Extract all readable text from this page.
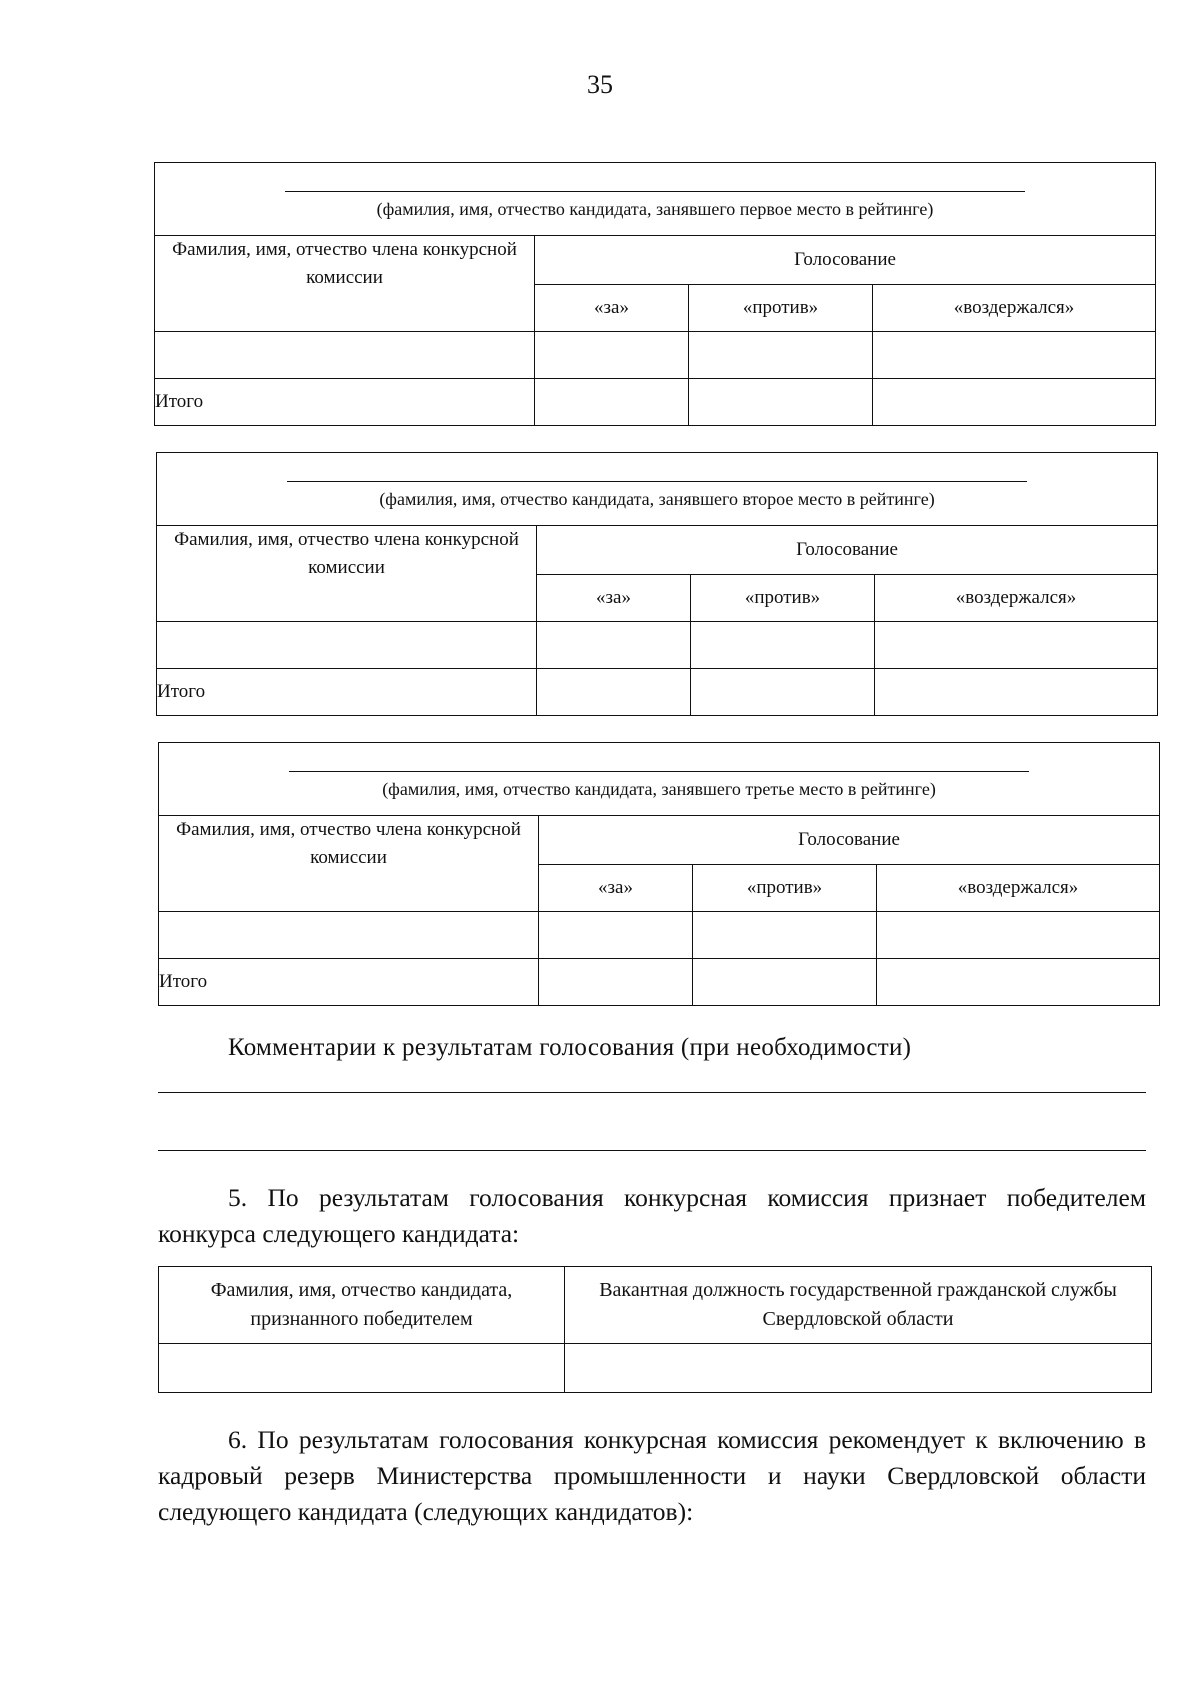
35
(фамилия, имя, отчество кандидата, занявшего первое место в рейтинге)			

Фамилия, имя, отчество члена конкурсной комиссии	Голосование		
	«за»	«против»	«воздержался»

Итого			
(фамилия, имя, отчество кандидата, занявшего второе место в рейтинге)			

Фамилия, имя, отчество члена конкурсной комиссии	Голосование		
	«за»	«против»	«воздержался»

Итого			
(фамилия, имя, отчество кандидата, занявшего третье место в рейтинге)			

Фамилия, имя, отчество члена конкурсной комиссии	Голосование		
	«за»	«против»	«воздержался»

Итого			
Комментарии к результатам голосования (при необходимости)
5. По результатам голосования конкурсная комиссия признает победителем конкурса следующего кандидата:
Фамилия, имя, отчество кандидата, признанного победителем	Вакантная должность государственной гражданской службы Свердловской области

6. По результатам голосования конкурсная комиссия рекомендует к включению в кадровый резерв Министерства промышленности и науки Свердловской области следующего кандидата (следующих кандидатов):
